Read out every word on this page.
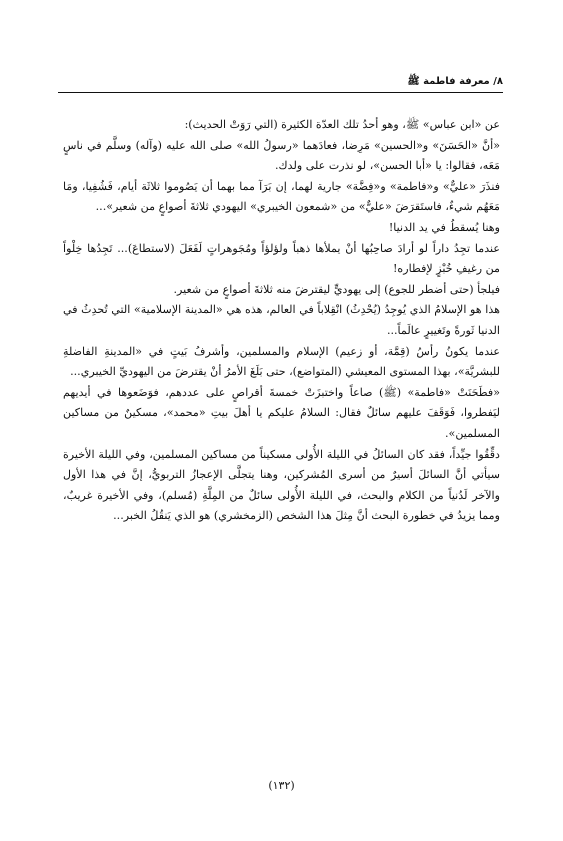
٨/ معرفة فاطمة ﷺ

عن «ابن عباس» ﷺ، وهو أحدُ تلك العدّة الكثيرة (التي رَوَتْ الحديث):

«أنَّ «الحَسَنَ» و«الحسين» مَرِضا، فعادَهما «رسولُ الله» صلى الله عليه (وآله) وسلَّم في ناسٍ مَعَه، فقالوا: يا «أبا الحسن»، لو نذرت على ولدك.

فنذَرَ «عليٌّ» و«فاطمة» و«فِضَّة» جارية لهما، إن بَرَآ مما بهما أن يَصُوموا ثلاثَة أيام، فَشُفِيا، ومَا مَعَهُم شيءٌ، فاستَقرَضَ «عليٌّ» من «شمعون الخيبري» اليهودي ثلاثةَ أصواعٍ من شعير»...

وهنا يُسقطُ في يد الدنيا!

عندما تجِدُ داراً لو أرادَ صاحِبُها أنْ يملأها ذهباً ولؤلؤاً ومُجَوهراتٍ لَفَعَلَ (لاستطاعَ)... تَجِدُها خِلْواً من رغيفِ خُبْزٍ لإفطاره!

فيلجأ (حتى أضطر للجوع) إلى يهوديٍّ ليقترضَ منه ثلاثةَ أصواعٍ من شعير.

هذا هو الإسلامُ الذي يُوجِدُ (يُحْدِثُ) انْقِلاباً في العالم، هذه هي «المدينة الإسلامية» التي تُحدِثُ في الدنيا ثَورةً وتَغييرٍ عالَماً...

عندما يكونُ رأسُ (قِمَّة، أو زعيم) الإسلام والمسلمين، وأشرفُ بَيتٍ في «المدينةِ الفاضلةِ للبشريَّة»، بهذا المستوى المعيشي (المتواضع)، حتى بَلَغَ الأمرُ أنْ يقترضَ من اليهوديِّ الخيبري...

«فطَحَنَتْ «فاطمة» (ﷺ) صاعاً واختبزَتْ خمسةَ أقراصٍ على عددهم، فوَضَعوها في أيديهم ليَفطروا، فَوَقَفَ عليهم سائلٌ فقال: السلامُ عليكم يا أهلَ بيتِ «محمد»، مسكينٌ من مساكين المسلمين».

دقِّقُوا جيِّداً، فقد كان السائلُ في الليلة الأُولى مسكيناً من مساكين المسلمين، وفي الليلة الأخيرة سيأتي أنَّ السائلَ أسيرٌ من أسرى المُشركين، وهنا يتجلَّى الإعجازُ التربويُّ، إنَّ في هذا الأول والآخر لَدُنياً من الكلام والبحث، في الليلة الأُولى سائلٌ من المِلَّةِ (مُسلم)، وفي الأخيرة غريبٌ، ومما يزيدُ في خطورة البحث أنَّ مِثلَ هذا الشخص (الزمخشري) هو الذي يَنقُلُ الخبر...

(١٣٢)
